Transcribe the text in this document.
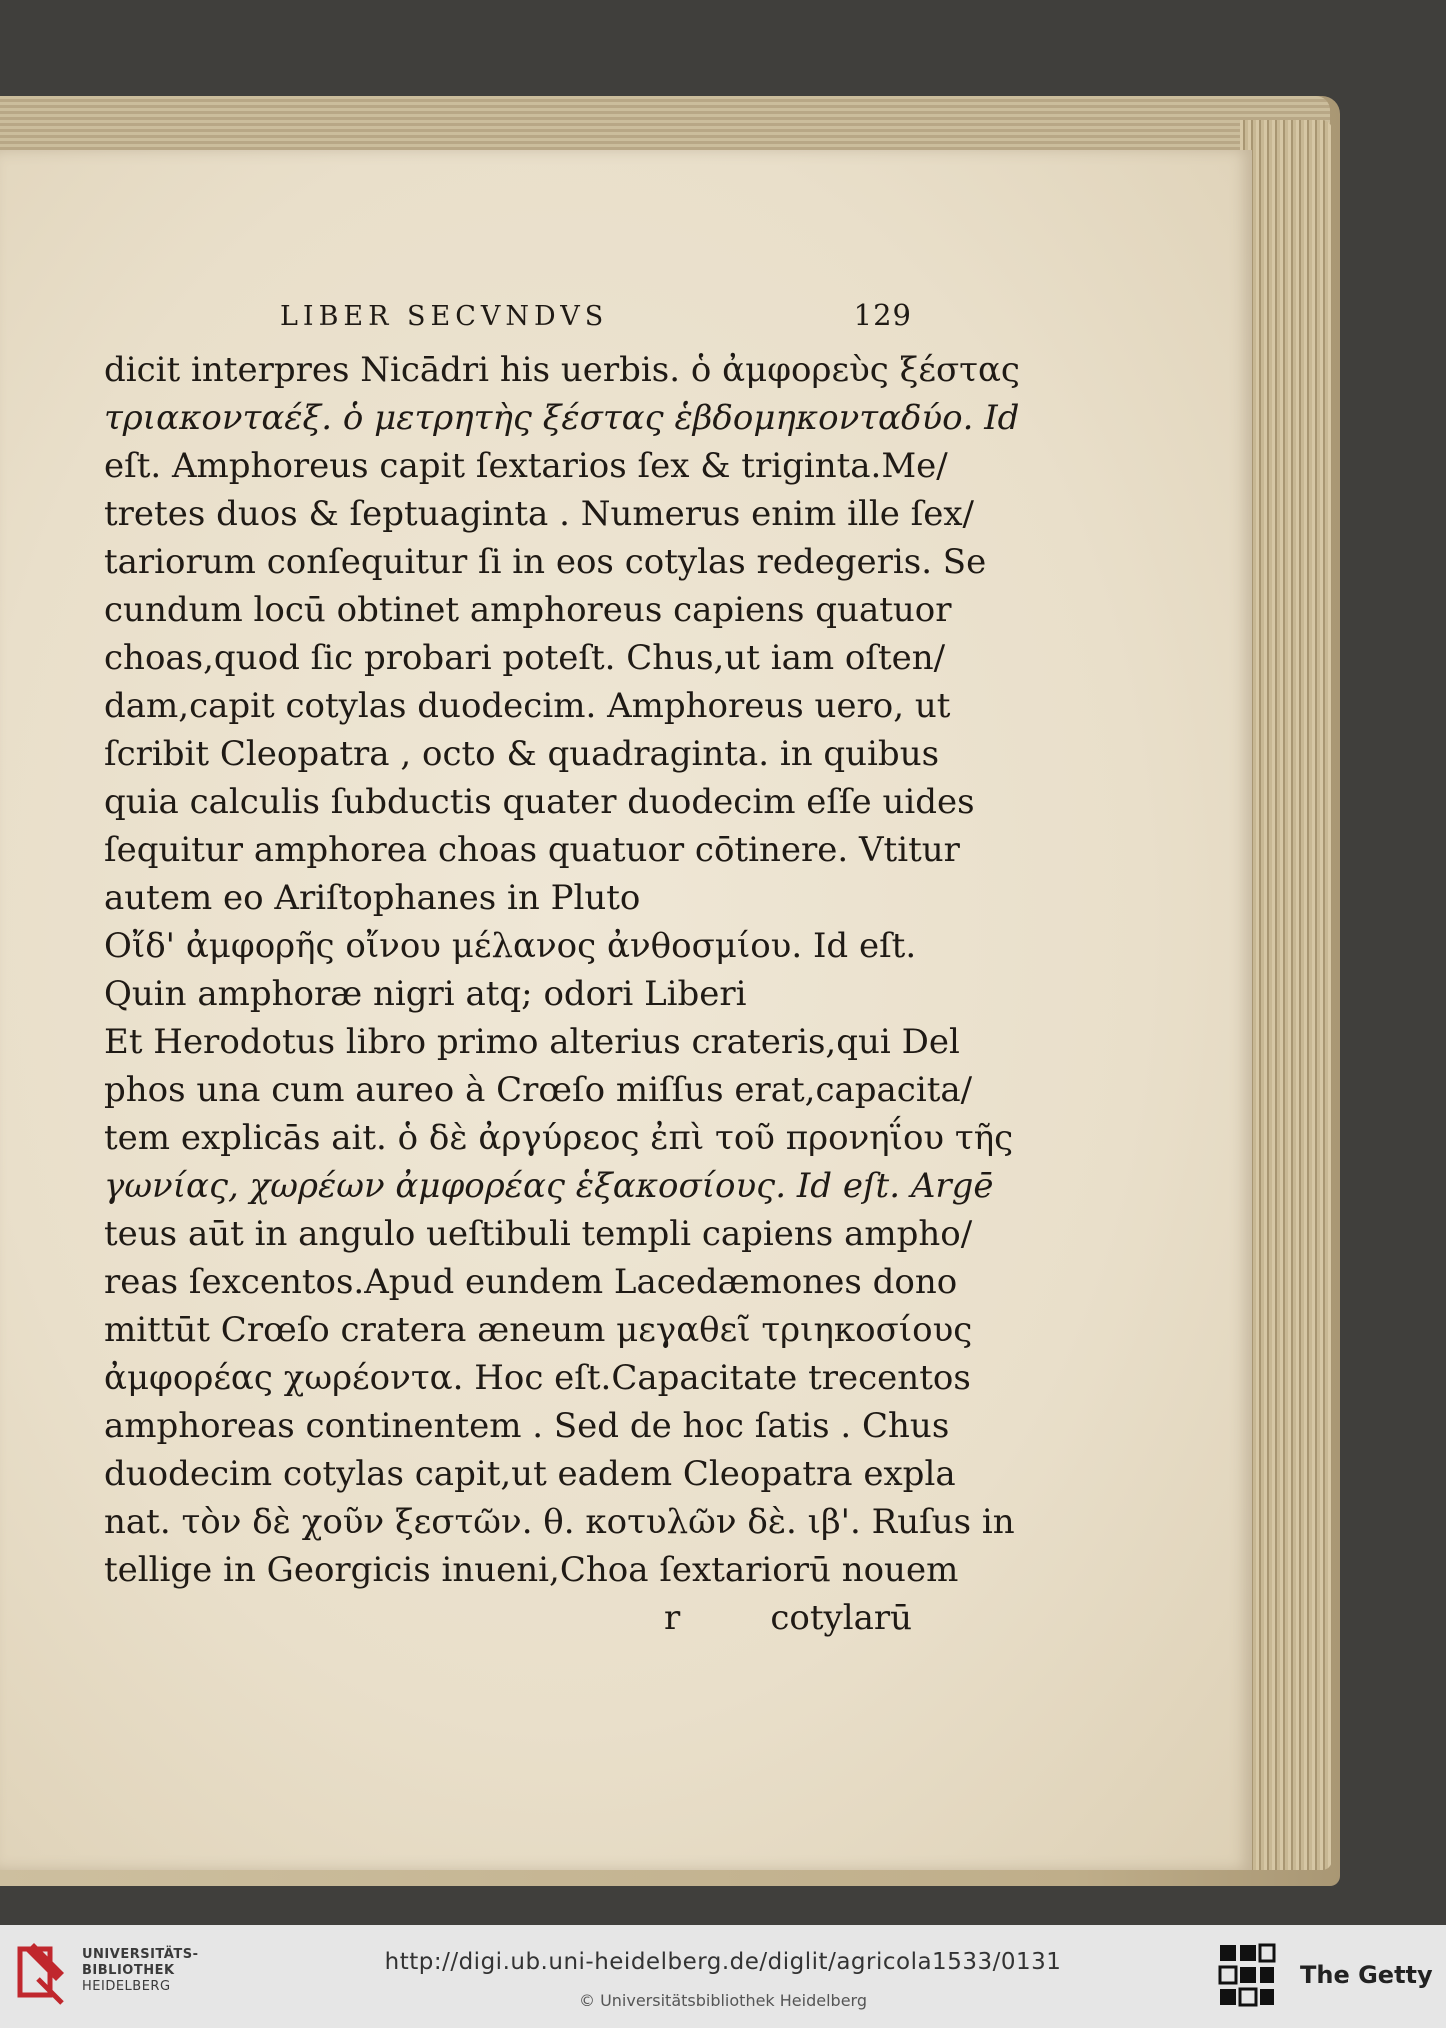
LIBER SECVNDVS	129
dicit interpres Nicādri his uerbis. ὁ ἀμφορεὺς ξέστας
τριακονταέξ. ὁ μετρητὴς ξέστας ἑβδομηκονταδύο. Id
eſt. Amphoreus capit ſextarios ſex & triginta.Me/
tretes duos & ſeptuaginta . Numerus enim ille ſex/
tariorum conſequitur ſi in eos cotylas redegeris. Se
cundum locū obtinet amphoreus capiens quatuor
choas,quod ſic probari poteſt. Chus,ut iam oſten/
dam,capit cotylas duodecim. Amphoreus uero, ut
ſcribit Cleopatra , octo & quadraginta. in quibus
quia calculis ſubductis quater duodecim eſſe uides
ſequitur amphorea choas quatuor cōtinere. Vtitur
autem eo Ariſtophanes in Pluto
Οἴδ' ἀμφορῆς οἴνου μέλανος ἀνθοσμίου. Id eſt.
Quin amphoræ nigri atq; odori Liberi
Et Herodotus libro primo alterius crateris,qui Del
phos una cum aureo à Crœſo miſſus erat,capacita/
tem explicās ait. ὁ δὲ ἀργύρεος ἐπὶ τοῦ προνηΐου τῆς
γωνίας, χωρέων ἀμφορέας ἑξακοσίους. Id eſt. Argē
teus aūt in angulo ueſtibuli templi capiens ampho/
reas ſexcentos.Apud eundem Lacedæmones dono
mittūt Crœſo cratera æneum μεγαθεῖ τριηκοσίους
ἀμφορέας χωρέοντα. Hoc eſt.Capacitate trecentos
amphoreas continentem . Sed de hoc ſatis . Chus
duodecim cotylas capit,ut eadem Cleopatra expla
nat. τὸν δὲ χοῦν ξεστῶν. θ. κοτυλῶν δὲ. ιβ'. Ruſus in
tellige in Georgicis inueni,Choa ſextariorū nouem
r	cotylarū
UNIVERSITÄTS-
BIBLIOTHEK
HEIDELBERG
http://digi.ub.uni-heidelberg.de/diglit/agricola1533/0131
© Universitätsbibliothek Heidelberg
The Getty
